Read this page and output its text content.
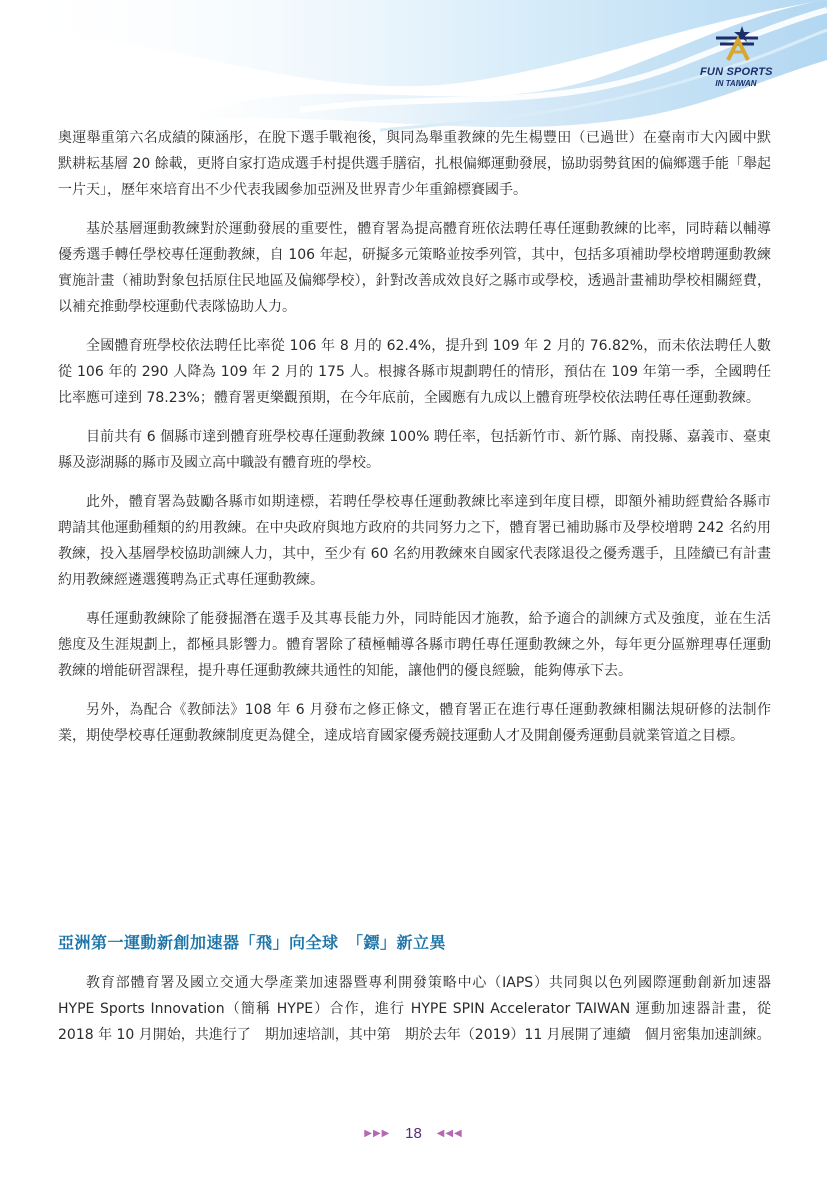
FUN SPORTS
IN TAIWAN

奧運舉重第六名成績的陳涵彤，在脫下選手戰袍後，與同為舉重教練的先生楊豐田（已過世）在臺南市大內國中默默耕耘基層 20 餘載，更將自家打造成選手村提供選手膳宿，扎根偏鄉運動發展，協助弱勢貧困的偏鄉選手能「舉起一片天」，歷年來培育出不少代表我國參加亞洲及世界青少年重錦標賽國手。

基於基層運動教練對於運動發展的重要性，體育署為提高體育班依法聘任專任運動教練的比率，同時藉以輔導優秀選手轉任學校專任運動教練，自 106 年起，研擬多元策略並按季列管，其中，包括多項補助學校增聘運動教練實施計畫（補助對象包括原住民地區及偏鄉學校），針對改善成效良好之縣市或學校，透過計畫補助學校相關經費，以補充推動學校運動代表隊協助人力。

全國體育班學校依法聘任比率從 106 年 8 月的 62.4%，提升到 109 年 2 月的 76.82%，而未依法聘任人數從 106 年的 290 人降為 109 年 2 月的 175 人。根據各縣市規劃聘任的情形，預估在 109 年第一季，全國聘任比率應可達到 78.23%；體育署更樂觀預期，在今年底前，全國應有九成以上體育班學校依法聘任專任運動教練。

目前共有 6 個縣市達到體育班學校專任運動教練 100% 聘任率，包括新竹市、新竹縣、南投縣、嘉義市、臺東縣及澎湖縣的縣市及國立高中職設有體育班的學校。

此外，體育署為鼓勵各縣市如期達標，若聘任學校專任運動教練比率達到年度目標，即額外補助經費給各縣市聘請其他運動種類的約用教練。在中央政府與地方政府的共同努力之下，體育署已補助縣市及學校增聘 242 名約用教練，投入基層學校協助訓練人力，其中，至少有 60 名約用教練來自國家代表隊退役之優秀選手，且陸續已有計畫約用教練經遴選獲聘為正式專任運動教練。

專任運動教練除了能發掘潛在選手及其專長能力外，同時能因才施教，給予適合的訓練方式及強度，並在生活態度及生涯規劃上，都極具影響力。體育署除了積極輔導各縣市聘任專任運動教練之外，每年更分區辦理專任運動教練的增能研習課程，提升專任運動教練共通性的知能，讓他們的優良經驗，能夠傳承下去。

另外，為配合《教師法》108 年 6 月發布之修正條文，體育署正在進行專任運動教練相關法規研修的法制作業，期使學校專任運動教練制度更為健全，達成培育國家優秀競技運動人才及開創優秀運動員就業管道之目標。

亞洲第一運動新創加速器「飛」向全球　「鏢」新立異

教育部體育署及國立交通大學產業加速器暨專利開發策略中心（IAPS）共同與以色列國際運動創新加速器 HYPE Sports Innovation（簡稱 HYPE）合作，進行 HYPE SPIN Accelerator TAIWAN 運動加速器計畫，從 2018 年 10 月開始，共進行了　期加速培訓，其中第　期於去年（2019）11 月展開了連續　個月密集加速訓練。

▶▶▶ 18 ◀◀◀
